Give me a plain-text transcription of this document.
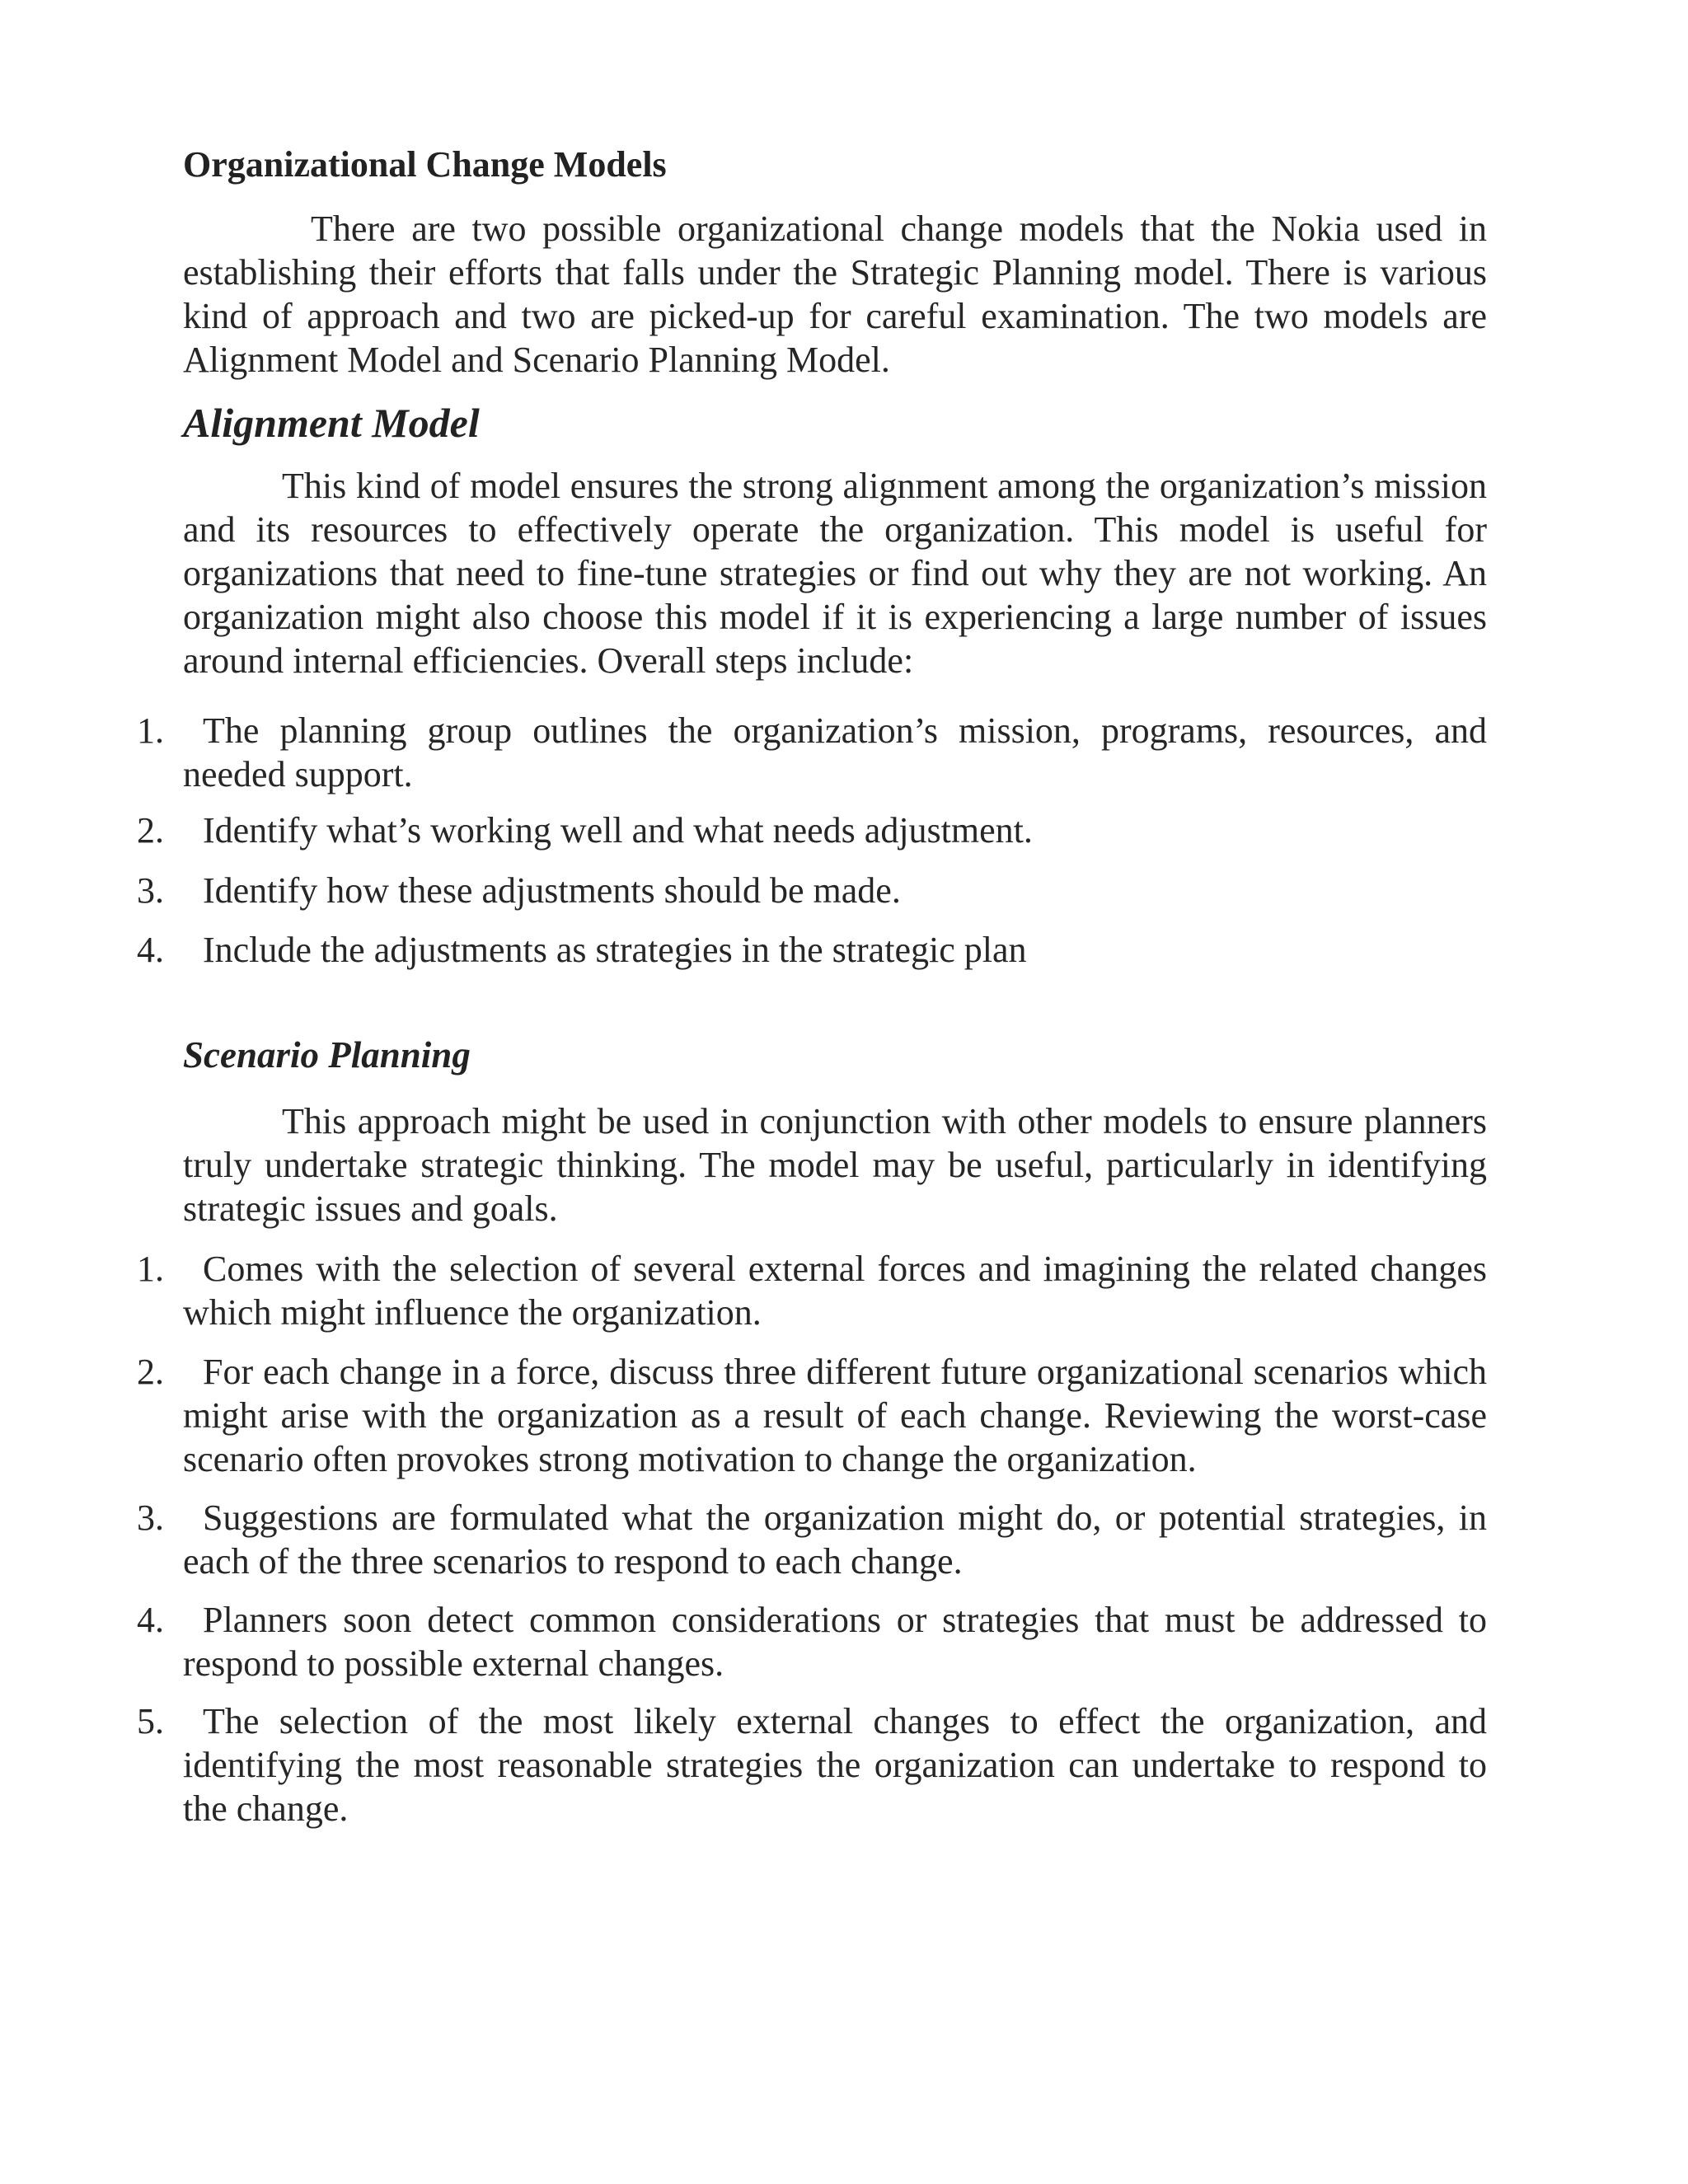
Organizational Change Models

There are two possible organizational change models that the Nokia used in establishing their efforts that falls under the Strategic Planning model. There is various kind of approach and two are picked-up for careful examination. The two models are Alignment Model and Scenario Planning Model.

Alignment Model

This kind of model ensures the strong alignment among the organization’s mission and its resources to effectively operate the organization. This model is useful for organizations that need to fine-tune strategies or find out why they are not working. An organization might also choose this model if it is experiencing a large number of issues around internal efficiencies. Overall steps include:

1.	The planning group outlines the organization’s mission, programs, resources, and needed support.
2.	Identify what’s working well and what needs adjustment.
3.	Identify how these adjustments should be made.
4.	Include the adjustments as strategies in the strategic plan
Scenario Planning

This approach might be used in conjunction with other models to ensure planners truly undertake strategic thinking. The model may be useful, particularly in identifying strategic issues and goals.

1.	Comes with the selection of several external forces and imagining the related changes which might influence the organization.
2.	For each change in a force, discuss three different future organizational scenarios which might arise with the organization as a result of each change. Reviewing the worst-case scenario often provokes strong motivation to change the organization.
3.	Suggestions are formulated what the organization might do, or potential strategies, in each of the three scenarios to respond to each change.
4.	Planners soon detect common considerations or strategies that must be addressed to respond to possible external changes.
5.	The selection of the most likely external changes to effect the organization, and identifying the most reasonable strategies the organization can undertake to respond to the change.
